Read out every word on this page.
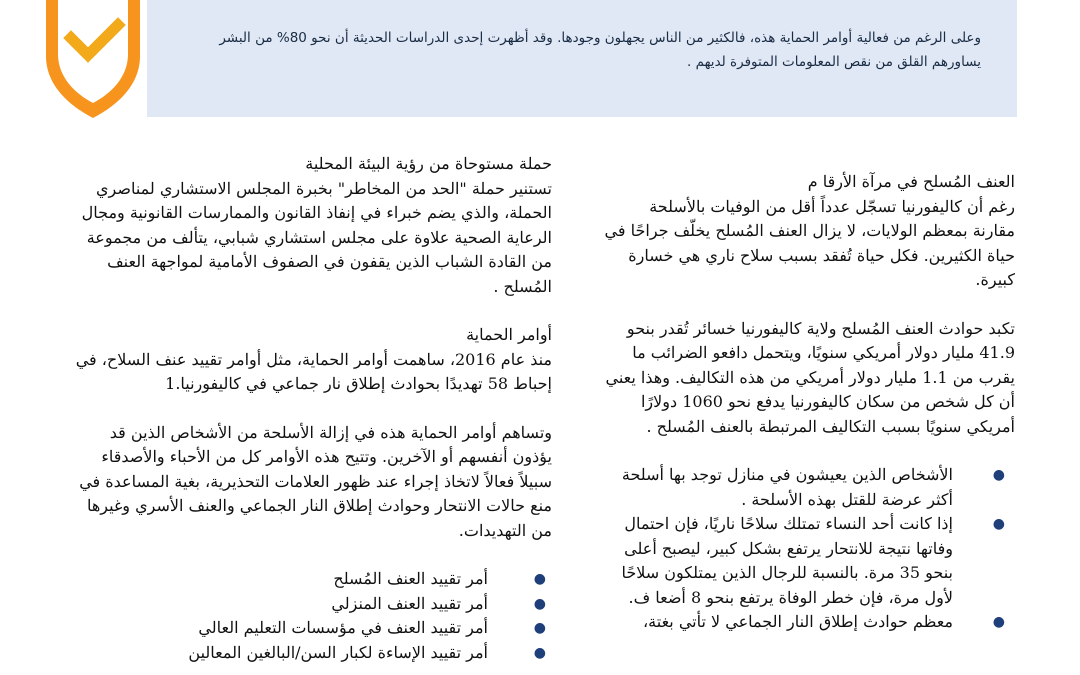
وعلى الرغم من فعالية أوامر الحماية هذه، فالكثير من الناس يجهلون وجودها. وقد أظهرت إحدى الدراسات الحديثة أن نحو 80% من البشر
يساورهم القلق من نقص المعلومات المتوفرة لديهم .

العنف المُسلح في مرآة الأرقا م

رغم أن كاليفورنيا تسجّل عدداً أقل من الوفيات بالأسلحة مقارنة بمعظم الولايات، لا يزال العنف المُسلح يخلّف جراحًا في حياة الكثيرين. فكل حياة تُفقد بسبب سلاح ناري هي خسارة كبيرة.

تكبد حوادث العنف المُسلح ولاية كاليفورنيا خسائر تُقدر بنحو 41.9 مليار دولار أمريكي سنويًا، ويتحمل دافعو الضرائب ما يقرب من 1.1 مليار دولار أمريكي من هذه التكاليف. وهذا يعني أن كل شخص من سكان كاليفورنيا يدفع نحو 1060 دولارًا أمريكي سنويًا بسبب التكاليف المرتبطة بالعنف المُسلح .

●
الأشخاص الذين يعيشون في منازل توجد بها أسلحة أكثر عرضة للقتل بهذه الأسلحة .
●
إذا كانت أحد النساء تمتلك سلاحًا ناريًا، فإن احتمال وفاتها نتيجة للانتحار يرتفع بشكل كبير، ليصبح أعلى بنحو 35 مرة. بالنسبة للرجال الذين يمتلكون سلاحًا لأول مرة، فإن خطر الوفاة يرتفع بنحو 8 أضعا ف.
●
معظم حوادث إطلاق النار الجماعي لا تأتي بغتة،

حملة مستوحاة من رؤية البيئة المحلية

تستنير حملة "الحد من المخاطر" بخبرة المجلس الاستشاري لمناصري الحملة، والذي يضم خبراء في إنفاذ القانون والممارسات القانونية ومجال الرعاية الصحية علاوة على مجلس استشاري شبابي، يتألف من مجموعة من القادة الشباب الذين يقفون في الصفوف الأمامية لمواجهة العنف المُسلح .

أوامر الحماية

منذ عام 2016، ساهمت أوامر الحماية، مثل أوامر تقييد عنف السلاح، في إحباط 58 تهديدًا بحوادث إطلاق نار جماعي في كاليفورنيا.1

وتساهم أوامر الحماية هذه في إزالة الأسلحة من الأشخاص الذين قد يؤذون أنفسهم أو الآخرين. وتتيح هذه الأوامر كل من الأحباء والأصدقاء سبيلاً فعالاً لاتخاذ إجراء عند ظهور العلامات التحذيرية، بغية المساعدة في منع حالات الانتحار وحوادث إطلاق النار الجماعي والعنف الأسري وغيرها من التهديدات.

●
أمر تقييد العنف المُسلح
●
أمر تقييد العنف المنزلي
●
أمر تقييد العنف في مؤسسات التعليم العالي
●
أمر تقييد الإساءة لكبار السن/البالغين المعالين
